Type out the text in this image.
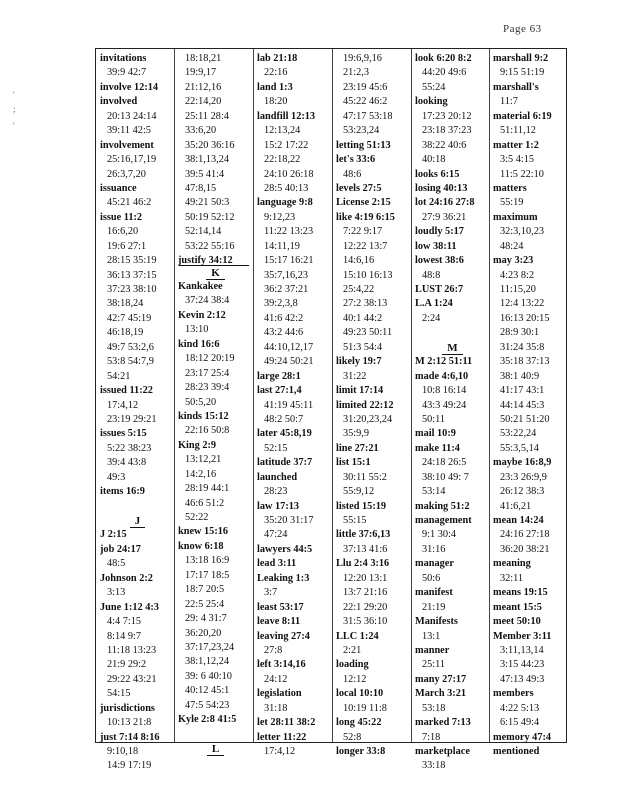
Page 63
'
;
'
invitations
39:9 42:7
involve 12:14
involved
20:13 24:14
39:11 42:5
involvement
25:16,17,19
26:3,7,20
issuance
45:21 46:2
issue 11:2
16:6,20
19:6 27:1
28:15 35:19
36:13 37:15
37:23 38:10
38:18,24
42:7 45:19
46:18,19
49:7 53:2,6
53:8 54:7,9
54:21
issued 11:22
17:4,12
23:19 29:21
issues 5:15
5:22 38:23
39:4 43:8
49:3
items 16:9
J
J 2:15
job 24:17
48:5
Johnson 2:2
3:13
June 1:12 4:3
4:4 7:15
8:14 9:7
11:18 13:23
21:9 29:2
29:22 43:21
54:15
jurisdictions
10:13 21:8
just 7:14 8:16
9:10,18
14:9 17:19
18:18,21
19:9,17
21:12,16
22:14,20
25:11 28:4
33:6,20
35:20 36:16
38:1,13,24
39:5 41:4
47:8,15
49:21 50:3
50:19 52:12
52:14,14
53:22 55:16
justify 34:12
K
Kankakee
37:24 38:4
Kevin 2:12
13:10
kind 16:6
18:12 20:19
23:17 25:4
28:23 39:4
50:5,20
kinds 15:12
22:16 50:8
King 2:9
13:12,21
14:2,16
28:19 44:1
46:6 51:2
52:22
knew 15:16
know 6:18
13:18 16:9
17:17 18:5
18:7 20:5
22:5 25:4
29: 4 31:7
36:20,20
37:17,23,24
38:1,12,24
39: 6 40:10
40:12 45:1
47:5 54:23
Kyle 2:8 41:5
L
lab 21:18
22:16
land 1:3
18:20
landfill 12:13
12:13,24
15:2 17:22
22:18,22
24:10 26:18
28:5 40:13
language 9:8
9:12,23
11:22 13:23
14:11,19
15:17 16:21
35:7,16,23
36:2 37:21
39:2,3,8
41:6 42:2
43:2 44:6
44:10,12,17
49:24 50:21
large 28:1
last 27:1,4
41:19 45:11
48:2 50:7
later 45:8,19
52:15
latitude 37:7
launched
28:23
law 17:13
35:20 31:17
47:24
lawyers 44:5
lead 3:11
Leaking 1:3
3:7
least 53:17
leave 8:11
leaving 27:4
27:8
left 3:14,16
24:12
legislation
31:18
let 28:11 38:2
letter 11:22
17:4,12
19:6,9,16
21:2,3
23:19 45:6
45:22 46:2
47:17 53:18
53:23,24
letting 51:13
let's 33:6
48:6
levels 27:5
License 2:15
like 4:19 6:15
7:22 9:17
12:22 13:7
14:6,16
15:10 16:13
25:4,22
27:2 38:13
40:1 44:2
49:23 50:11
51:3 54:4
likely 19:7
31:22
limit 17:14
limited 22:12
31:20,23,24
35:9,9
line 27:21
list 15:1
30:11 55:2
55:9,12
listed 15:19
55:15
little 37:6,13
37:13 41:6
Llu 2:4 3:16
12:20 13:1
13:7 21:16
22:1 29:20
31:5 36:10
LLC 1:24
2:21
loading
12:12
local 10:10
10:19 11:8
long 45:22
52:8
longer 33:8
look 6:20 8:2
44:20 49:6
55:24
looking
17:23 20:12
23:18 37:23
38:22 40:6
40:18
looks 6:15
losing 40:13
lot 24:16 27:8
27:9 36:21
loudly 5:17
low 38:11
lowest 38:6
48:8
LUST 26:7
L.A 1:24
2:24
M
M 2:12 51:11
made 4:6,10
10:8 16:14
43:3 49:24
50:11
mail 10:9
make 11:4
24:18 26:5
38:10 49: 7
53:14
making 51:2
management
9:1 30:4
31:16
manager
50:6
manifest
21:19
Manifests
13:1
manner
25:11
many 27:17
March 3:21
53:18
marked 7:13
7:18
marketplace
33:18
marshall 9:2
9:15 51:19
marshall's
11:7
material 6:19
51:11,12
matter 1:2
3:5 4:15
11:5 22:10
matters
55:19
maximum
32:3,10,23
48:24
may 3:23
4:23 8:2
11:15,20
12:4 13:22
16:13 20:15
28:9 30:1
31:24 35:8
35:18 37:13
38:1 40:9
41:17 43:1
44:14 45:3
50:21 51:20
53:22,24
55:3,5,14
maybe 16:8,9
23:3 26:9,9
26:12 38:3
41:6,21
mean 14:24
24:16 27:18
36:20 38:21
meaning
32:11
means 19:15
meant 15:5
meet 50:10
Member 3:11
3:11,13,14
3:15 44:23
47:13 49:3
members
4:22 5:13
6:15 49:4
memory 47:4
mentioned
